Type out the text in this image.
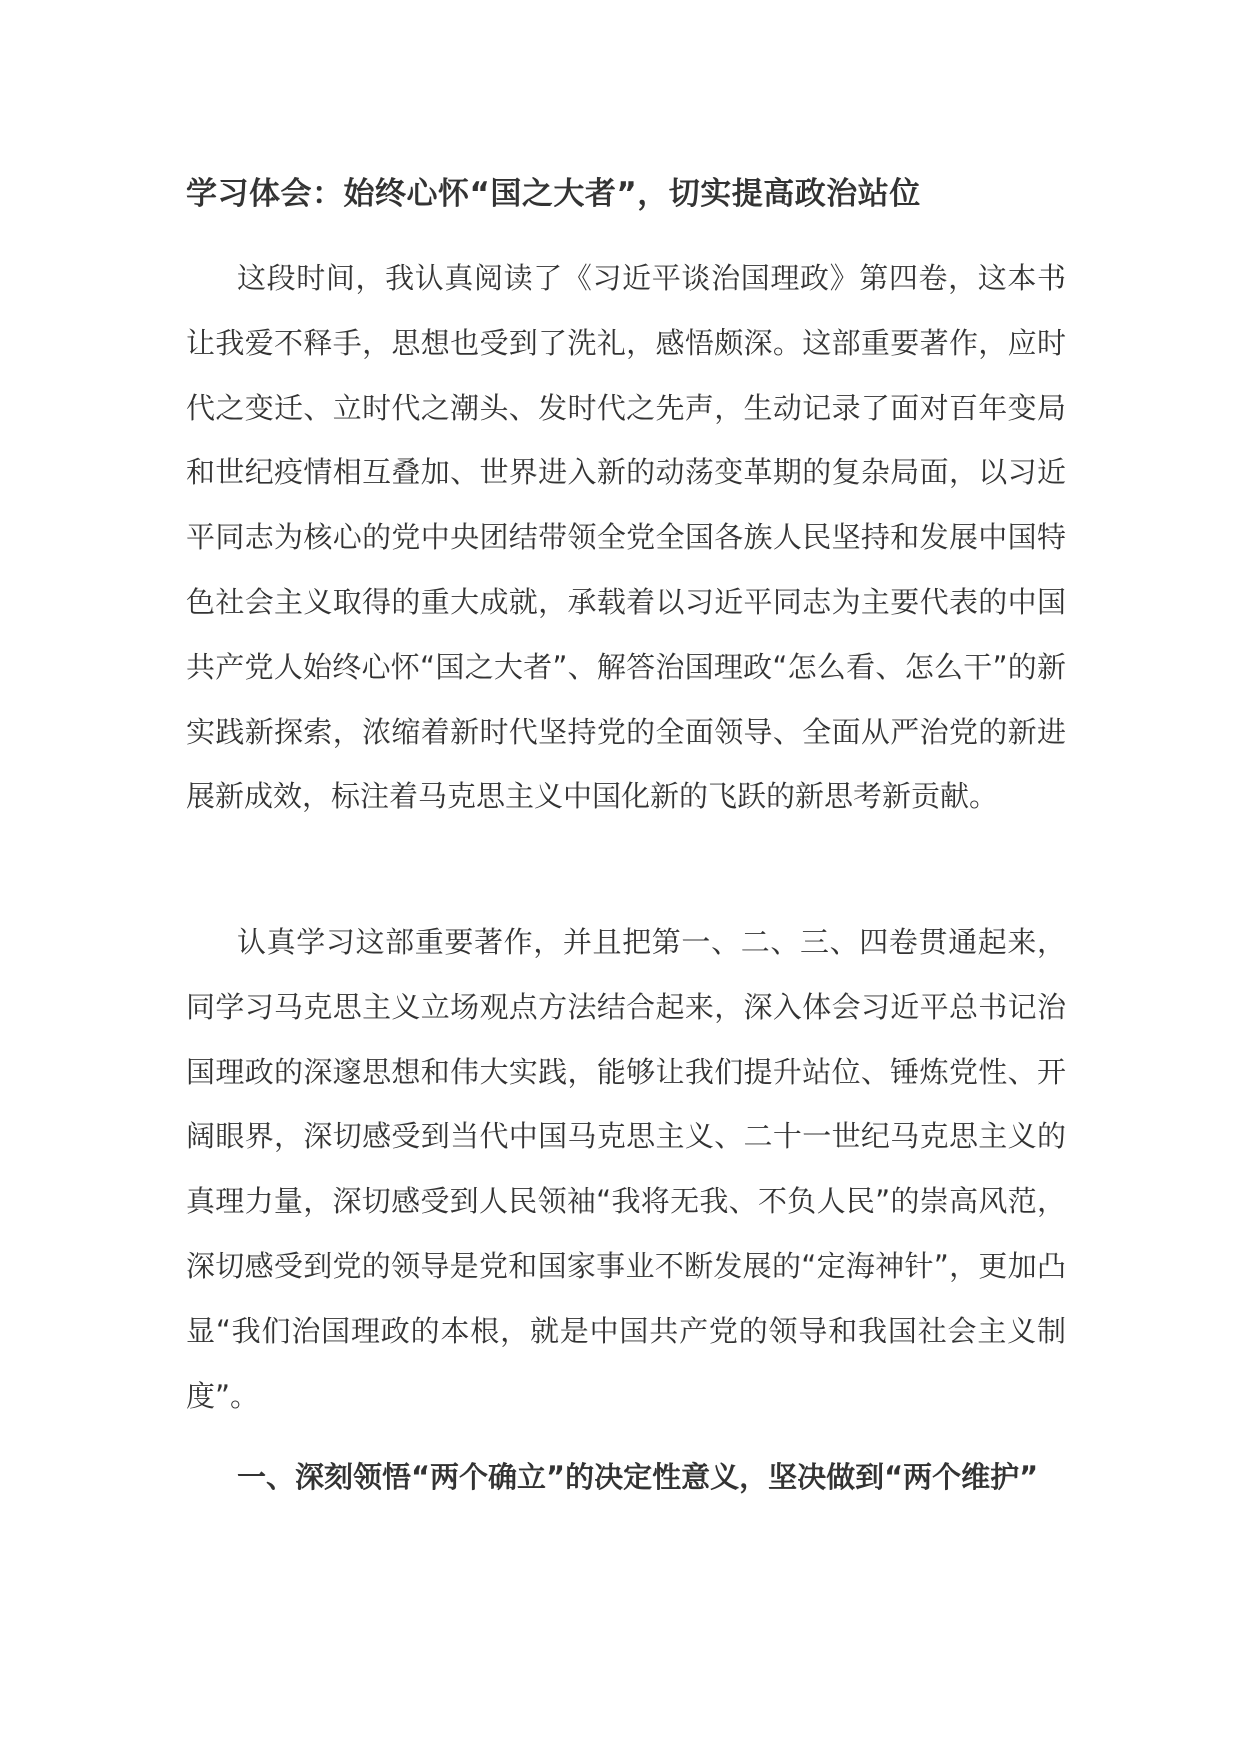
学习体会：始终心怀“国之大者”，切实提高政治站位

这段时间，我认真阅读了《习近平谈治国理政》第四卷，这本书让我爱不释手，思想也受到了洗礼，感悟颇深。这部重要著作，应时代之变迁、立时代之潮头、发时代之先声，生动记录了面对百年变局和世纪疫情相互叠加、世界进入新的动荡变革期的复杂局面，以习近平同志为核心的党中央团结带领全党全国各族人民坚持和发展中国特色社会主义取得的重大成就，承载着以习近平同志为主要代表的中国共产党人始终心怀“国之大者”、解答治国理政“怎么看、怎么干”的新实践新探索，浓缩着新时代坚持党的全面领导、全面从严治党的新进展新成效，标注着马克思主义中国化新的飞跃的新思考新贡献。

认真学习这部重要著作，并且把第一、二、三、四卷贯通起来，同学习马克思主义立场观点方法结合起来，深入体会习近平总书记治国理政的深邃思想和伟大实践，能够让我们提升站位、锤炼党性、开阔眼界，深切感受到当代中国马克思主义、二十一世纪马克思主义的真理力量，深切感受到人民领袖“我将无我、不负人民”的崇高风范，深切感受到党的领导是党和国家事业不断发展的“定海神针”，更加凸显“我们治国理政的本根，就是中国共产党的领导和我国社会主义制度”。

一、深刻领悟“两个确立”的决定性意义，坚决做到“两个维护”
